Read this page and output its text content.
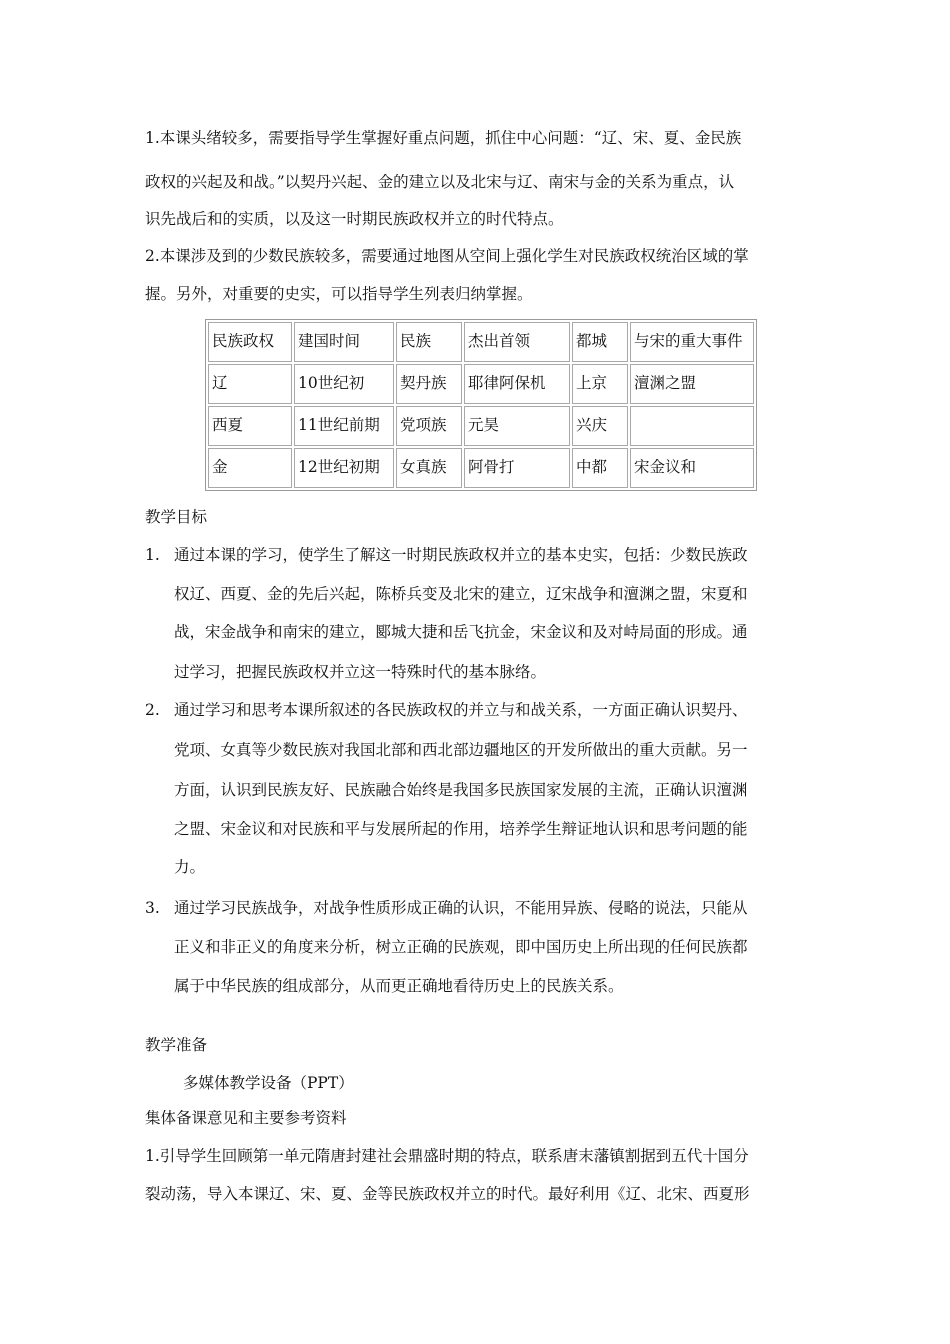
1.本课头绪较多，需要指导学生掌握好重点问题，抓住中心问题：“辽、宋、夏、金民族
政权的兴起及和战。”以契丹兴起、金的建立以及北宋与辽、南宋与金的关系为重点，认
识先战后和的实质，以及这一时期民族政权并立的时代特点。
2.本课涉及到的少数民族较多，需要通过地图从空间上强化学生对民族政权统治区域的掌
握。另外，对重要的史实，可以指导学生列表归纳掌握。
民族政权	建国时间	民族	杰出首领	都城	与宋的重大事件
辽	10世纪初	契丹族	耶律阿保机	上京	澶渊之盟
西夏	11世纪前期	党项族	元昊	兴庆	
金	12世纪初期	女真族	阿骨打	中都	宋金议和
教学目标
1. 通过本课的学习，使学生了解这一时期民族政权并立的基本史实，包括：少数民族政
权辽、西夏、金的先后兴起，陈桥兵变及北宋的建立，辽宋战争和澶渊之盟，宋夏和
战，宋金战争和南宋的建立，郾城大捷和岳飞抗金，宋金议和及对峙局面的形成。通
过学习，把握民族政权并立这一特殊时代的基本脉络。
2. 通过学习和思考本课所叙述的各民族政权的并立与和战关系，一方面正确认识契丹、
党项、女真等少数民族对我国北部和西北部边疆地区的开发所做出的重大贡献。另一
方面，认识到民族友好、民族融合始终是我国多民族国家发展的主流，正确认识澶渊
之盟、宋金议和对民族和平与发展所起的作用，培养学生辩证地认识和思考问题的能
力。
3. 通过学习民族战争，对战争性质形成正确的认识，不能用异族、侵略的说法，只能从
正义和非正义的角度来分析，树立正确的民族观，即中国历史上所出现的任何民族都
属于中华民族的组成部分，从而更正确地看待历史上的民族关系。
教学准备
多媒体教学设备（PPT）
集体备课意见和主要参考资料
1.引导学生回顾第一单元隋唐封建社会鼎盛时期的特点，联系唐末藩镇割据到五代十国分
裂动荡，导入本课辽、宋、夏、金等民族政权并立的时代。最好利用《辽、北宋、西夏形
